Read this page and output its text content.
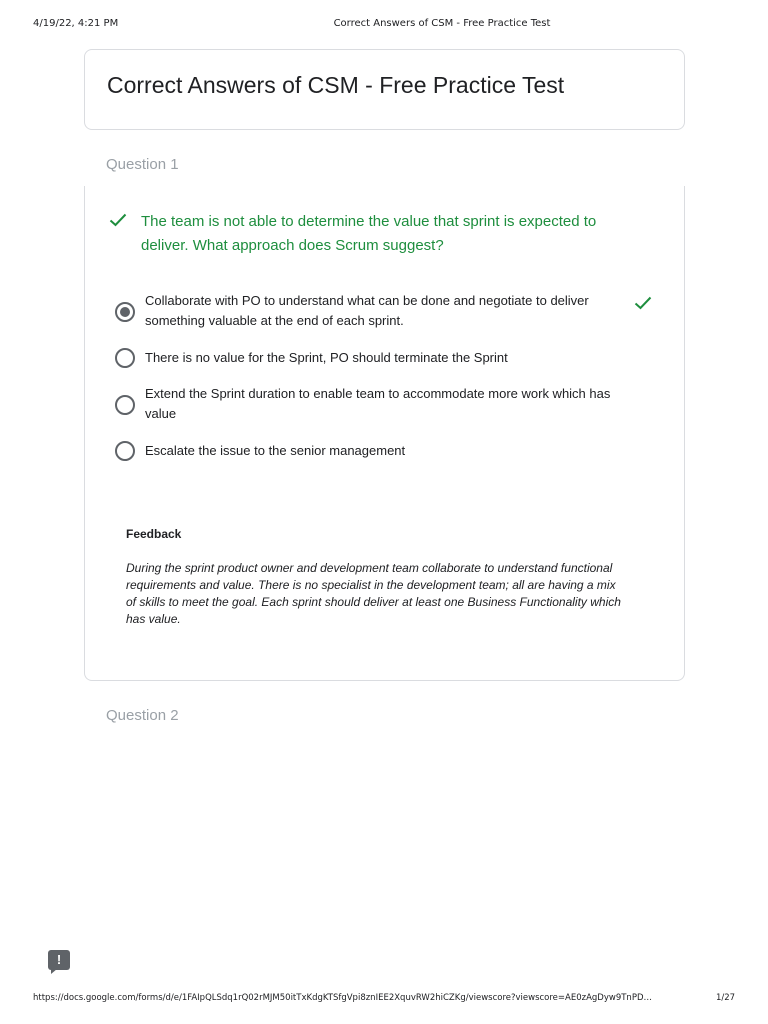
4/19/22, 4:21 PM	Correct Answers of CSM - Free Practice Test
Correct Answers of CSM - Free Practice Test
Question 1
The team is not able to determine the value that sprint is expected to deliver. What approach does Scrum suggest?
Collaborate with PO to understand what can be done and negotiate to deliver something valuable at the end of each sprint.
There is no value for the Sprint, PO should terminate the Sprint
Extend the Sprint duration to enable team to accommodate more work which has value
Escalate the issue to the senior management
Feedback
During the sprint product owner and development team collaborate to understand functional requirements and value. There is no specialist in the development team; all are having a mix of skills to meet the goal. Each sprint should deliver at least one Business Functionality which has value.
Question 2
!
https://docs.google.com/forms/d/e/1FAIpQLSdq1rQ02rMJM50itTxKdgKTSfgVpi8znIEE2XquvRW2hiCZKg/viewscore?viewscore=AE0zAgDyw9TnPD…	1/27
